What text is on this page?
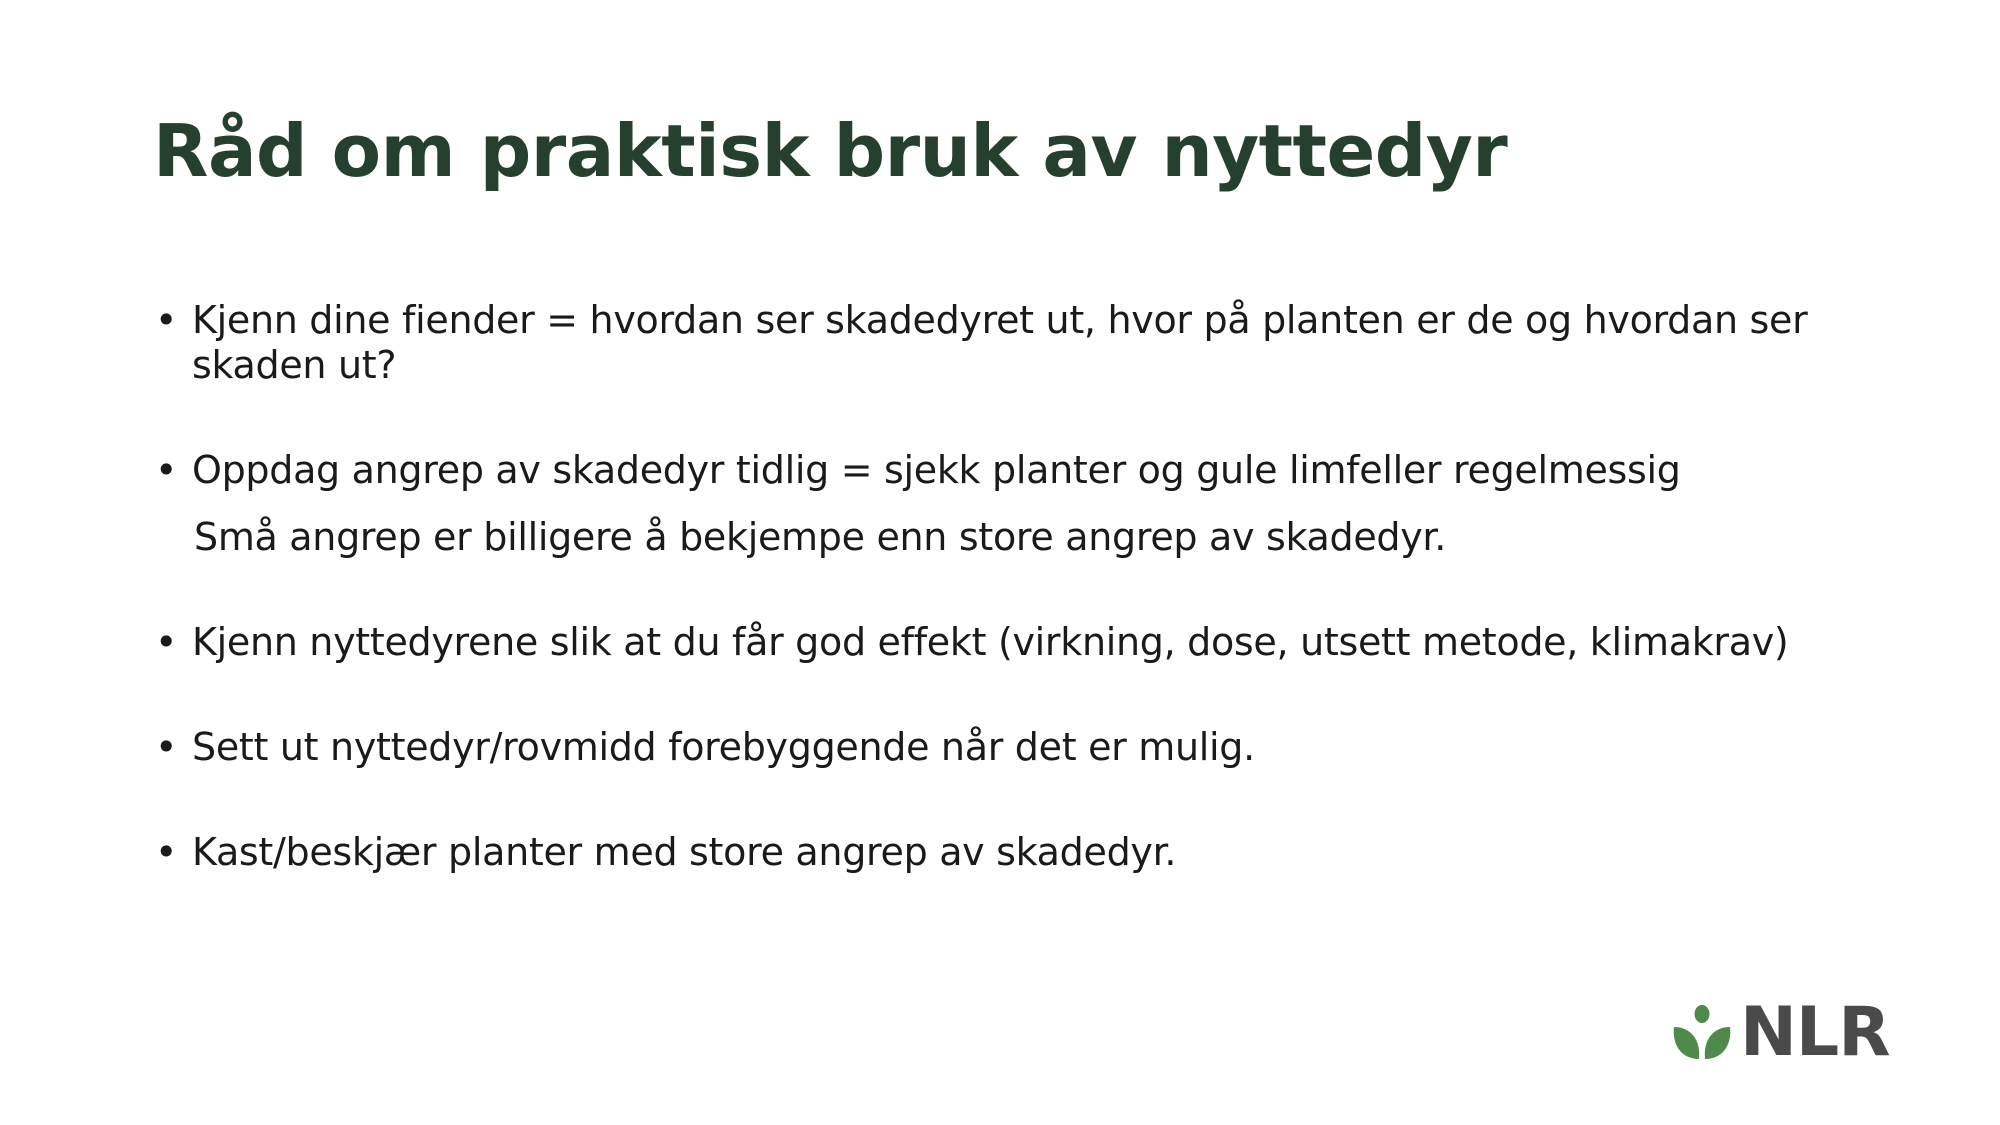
Råd om praktisk bruk av nyttedyr
• Kjenn dine fiender = hvordan ser skadedyret ut, hvor på planten er de og hvordan ser skaden ut?
• Oppdag angrep av skadedyr tidlig = sjekk planter og gule limfeller regelmessig
Små angrep er billigere å bekjempe enn store angrep av skadedyr.
• Kjenn nyttedyrene slik at du får god effekt (virkning, dose, utsett metode, klimakrav)
• Sett ut nyttedyr/rovmidd forebyggende når det er mulig.
• Kast/beskjær planter med store angrep av skadedyr.
NLR
